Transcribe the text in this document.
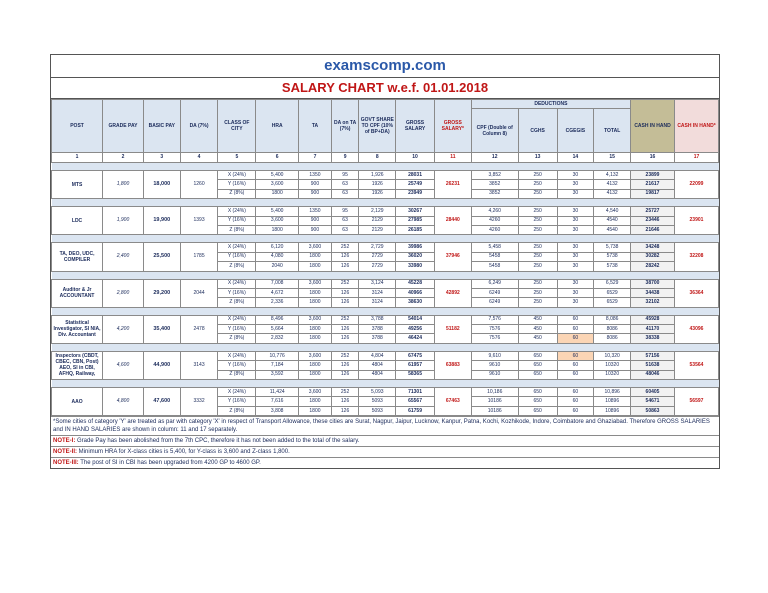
examscomp.com
SALARY CHART w.e.f. 01.01.2018
POST	GRADE PAY	BASIC PAY	DA (7%)	CLASS OF CITY	HRA	TA	DA on TA (7%)	GOVT SHARE TO CPF (10% of BP+DA)	GROSS SALARY	GROSS SALARY*	DEDUCTIONS				CASH IN HAND	CASH IN HAND*
											CPF (Double of Column 8)	CGHS	CGEGIS	TOTAL		
1	2	3	4	5	6	7	9	8	10	11	12	13	14	15	16	17

MTS	1,800	18,000	1260	X (24%)	5,400	1350	95	1,926	28031	26231	3,852	250	30	4,132	23899	22099
				Y (16%)	3,600	900	63	1926	25749		3852	250	30	4132	21617	
				Z (8%)	1800	900	63	1926	23949		3852	250	30	4132	19817	

LDC	1,900	19,900	1393	X (24%)	5,400	1350	95	2,129	30267	28440	4,260	250	30	4,540	25727	23901
				Y (16%)	3,600	900	63	2129	27985		4260	250	30	4540	23446	
				Z (8%)	1800	900	63	2129	26185		4260	250	30	4540	21646	

TA, DEO, UDC, COMPILER	2,400	25,500	1785	X (24%)	6,120	3,600	252	2,729	39986	37946	5,458	250	30	5,738	34248	32208
				Y (16%)	4,080	1800	126	2729	36020		5458	250	30	5738	30282	
				Z (8%)	2040	1800	126	2729	33980		5458	250	30	5738	28242	

Auditor & Jr ACCOUNTANT	2,800	29,200	2044	X (24%)	7,008	3,600	252	3,124	45228	42892	6,249	250	30	6,529	38700	36364
				Y (16%)	4,672	1800	126	3124	40966		6249	250	30	6529	34438	
				Z (8%)	2,336	1800	126	3124	38630		6249	250	30	6529	32102	

Statistical Investigator, SI NIA, Div. Accountant	4,200	35,400	2478	X (24%)	8,496	3,600	252	3,788	54014	51182	7,576	450	60	8,086	45928	43096
				Y (16%)	5,664	1800	126	3788	49256		7576	450	60	8086	41170	
				Z (8%)	2,832	1800	126	3788	46424		7576	450	60	8086	38338	

Inspectors (CBDT, CBEC, CBN, Post) AEO, SI in CBI, AFHQ, Railway,	4,600	44,900	3143	X (24%)	10,776	3,600	252	4,804	67475	63883	9,610	650	60	10,320	57156	53564
				Y (16%)	7,184	1800	126	4804	61957		9610	650	60	10320	51638	
				Z (8%)	3,592	1800	126	4804	58365		9610	650	60	10320	48046	

AAO	4,800	47,600	3332	X (24%)	11,424	3,600	252	5,093	71301	67463	10,186	650	60	10,896	60405	56597
				Y (16%)	7,616	1800	126	5093	65567		10186	650	60	10896	54671	
				Z (8%)	3,808	1800	126	5093	61759		10186	650	60	10896	50863	
*Some cities of category 'Y' are treated as par with category 'X' in respect of Transport Allowance, these cities are Surat, Nagpur, Jaipur, Lucknow, Kanpur, Patna, Kochi, Kozhikode, Indore, Coimbatore and Ghaziabad. Therefore GROSS SALARIES and IN HAND SALARIES are shown in column: 11 and 17 separately.
NOTE-I: Grade Pay has been abolished from the 7th CPC, therefore it has not been added to the total of the salary.
NOTE-II: Minimum HRA for X-class cities is 5,400, for Y-class is 3,600 and Z-class 1,800.
NOTE-III: The post of SI in CBI has been upgraded from 4200 GP to 4600 GP.
